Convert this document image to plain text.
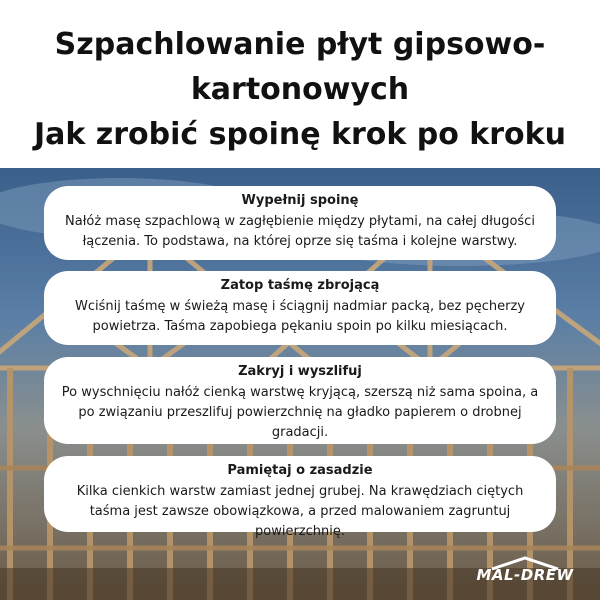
Szpachlowanie płyt gipsowo-
kartonowych
Jak zrobić spoinę krok po kroku
Wypełnij spoinę

Nałóż masę szpachlową w zagłębienie między płytami, na całej długości łączenia. To podstawa, na której oprze się taśma i kolejne warstwy.

Zatop taśmę zbrojącą

Wciśnij taśmę w świeżą masę i ściągnij nadmiar packą, bez pęcherzy powietrza. Taśma zapobiega pękaniu spoin po kilku miesiącach.

Zakryj i wyszlifuj

Po wyschnięciu nałóż cienką warstwę kryjącą, szerszą niż sama spoina, a po związaniu przeszlifuj powierzchnię na gładko papierem o drobnej gradacji.

Pamiętaj o zasadzie

Kilka cienkich warstw zamiast jednej grubej. Na krawędziach ciętych taśma jest zawsze obowiązkowa, a przed malowaniem zagruntuj powierzchnię.

MAL-DREW
